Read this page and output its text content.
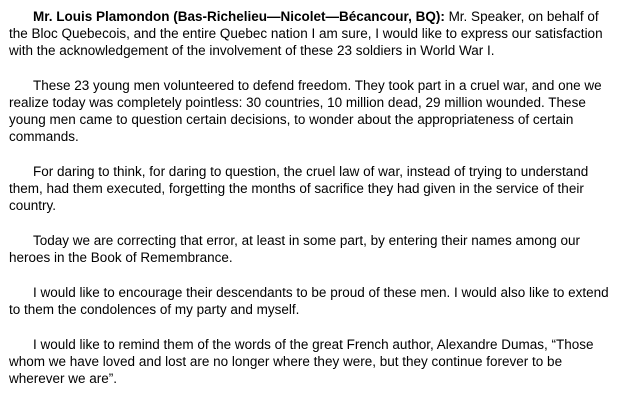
Mr. Louis Plamondon (Bas-Richelieu—Nicolet—Bécancour, BQ): Mr. Speaker, on behalf of the Bloc Quebecois, and the entire Quebec nation I am sure, I would like to express our satisfaction with the acknowledgement of the involvement of these 23 soldiers in World War I.

These 23 young men volunteered to defend freedom. They took part in a cruel war, and one we realize today was completely pointless: 30 countries, 10 million dead, 29 million wounded. These young men came to question certain decisions, to wonder about the appropriateness of certain commands.

For daring to think, for daring to question, the cruel law of war, instead of trying to understand them, had them executed, forgetting the months of sacrifice they had given in the service of their country.

Today we are correcting that error, at least in some part, by entering their names among our heroes in the Book of Remembrance.

I would like to encourage their descendants to be proud of these men. I would also like to extend to them the condolences of my party and myself.

I would like to remind them of the words of the great French author, Alexandre Dumas, “Those whom we have loved and lost are no longer where they were, but they continue forever to be wherever we are”.
